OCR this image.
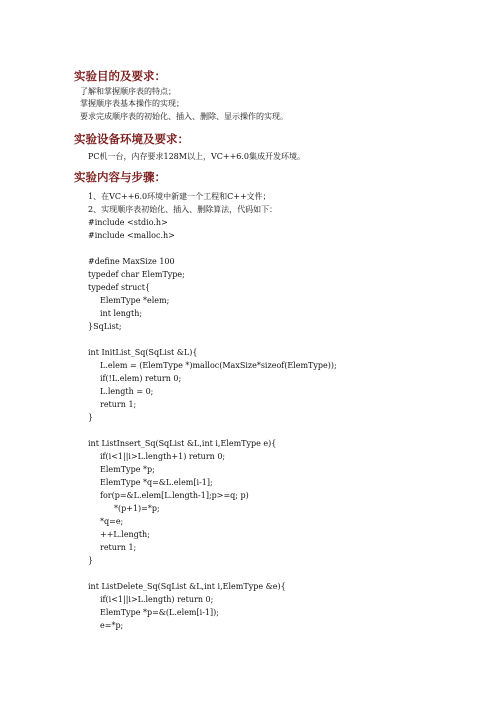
实验目的及要求：
了解和掌握顺序表的特点；
掌握顺序表基本操作的实现；
要求完成顺序表的初始化、插入、删除、显示操作的实现。
实验设备环境及要求：
PC机一台，内存要求128M以上，VC++6.0集成开发环境。
实验内容与步骤：
1、在VC++6.0环境中新建一个工程和C++文件；
2、实现顺序表初始化、插入、删除算法，代码如下：
#include <stdio.h>
#include <malloc.h>
#define MaxSize 100
typedef char ElemType;
typedef struct{
ElemType *elem;
int length;
}SqList;
int InitList_Sq(SqList &L){
L.elem = (ElemType *)malloc(MaxSize*sizeof(ElemType));
if(!L.elem) return 0;
L.length = 0;
return 1;
}
int ListInsert_Sq(SqList &L,int i,ElemType e){
if(i<1||i>L.length+1) return 0;
ElemType *p;
ElemType *q=&L.elem[i-1];
for(p=&L.elem[L.length-1];p>=q; p)
*(p+1)=*p;
*q=e;
++L.length;
return 1;
}
int ListDelete_Sq(SqList &L,int i,ElemType &e){
if(i<1||i>L.length) return 0;
ElemType *p=&(L.elem[i-1]);
e=*p;
